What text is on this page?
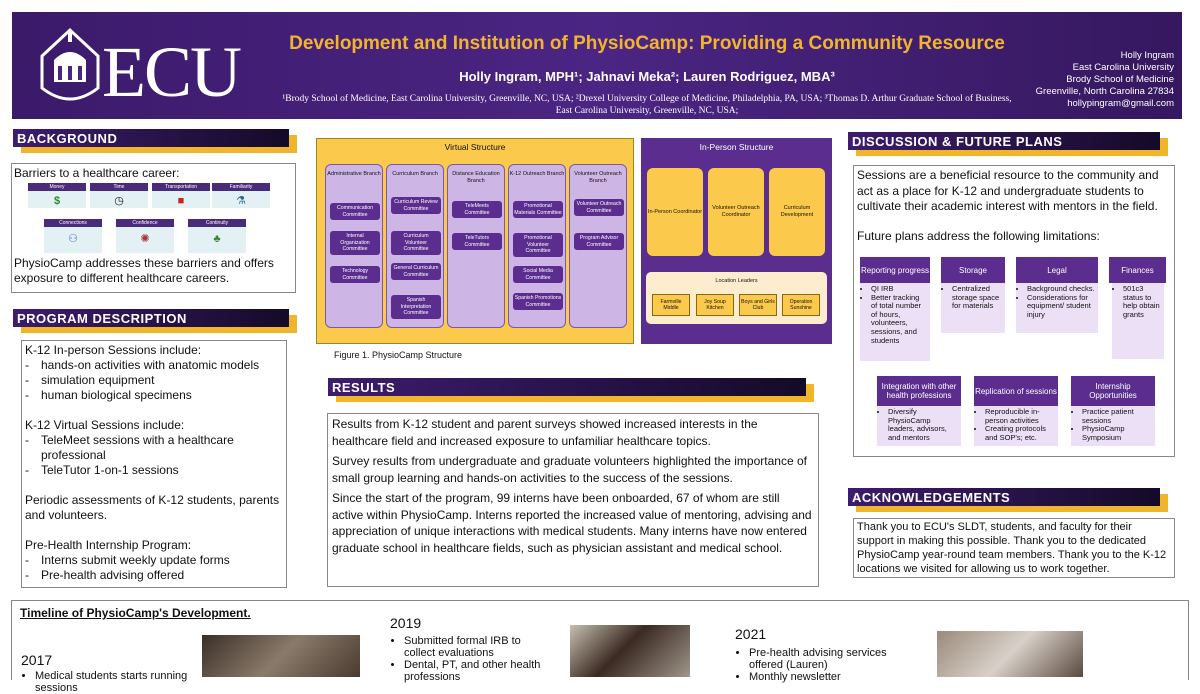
ECU	Development and Institution of PhysioCamp: Providing a Community Resource
Holly Ingram, MPH¹; Jahnavi Meka²; Lauren Rodriguez, MBA³
¹Brody School of Medicine, East Carolina University, Greenville, NC, USA; ²Drexel University College of Medicine, Philadelphia, PA, USA; ³Thomas D. Arthur Graduate School of Business, East Carolina University, Greenville, NC, USA;
Holly Ingram
East Carolina University
Brody School of Medicine
Greenville, North Carolina 27834
hollypingram@gmail.com
BACKGROUND
Barriers to a healthcare career:
Money
$
Time
◷
Transportation
■
Familiarity
⚗
Connections
⚇
Confidence
✺
Continuity
♣
PhysioCamp addresses these barriers and offers exposure to different healthcare careers.
PROGRAM DESCRIPTION
K-12 In-person Sessions include:
-	hands-on activities with anatomic models
-	simulation equipment
-	human biological specimens
K-12 Virtual Sessions include:
-	TeleMeet sessions with a healthcare professional
-	TeleTutor 1-on-1 sessions
Periodic assessments of K-12 students, parents and volunteers.
Pre-Health Internship Program:
-	Interns submit weekly update forms
-	Pre-health advising offered
Virtual Structure
Administrative Branch
Communication Committee
Internal Organization Committee
Technology Committee
Curriculum Branch
Curriculum Review Committee
Curriculum Volunteer Committee
General Curriculum Committee
Spanish Interpretation Committee
Distance Education Branch
TeleMeets Committee
TeleTutors Committee
K-12 Outreach Branch
Promotional Materials Committee
Promotional Volunteer Committee
Social Media Committee
Spanish Promotions Committee
Volunteer Outreach Branch
Volunteer Outreach Committee
Program Advisor Committee
In-Person Structure
In-Person Coordinator
Volunteer Outreach Coordinator
Curriculum Development
Location Leaders
Farmville Middle
Joy Soup Kitchen
Boys and Girls Club
Operation Sunshine
Figure 1. PhysioCamp Structure
RESULTS

Results from K-12 student and parent surveys showed increased interests in the healthcare field and increased exposure to unfamiliar healthcare topics.

Survey results from undergraduate and graduate volunteers highlighted the importance of small group learning and hands-on activities to the success of the sessions.

Since the start of the program, 99 interns have been onboarded, 67 of whom are still active within PhysioCamp. Interns reported the increased value of mentoring, advising and appreciation of unique interactions with medical students. Many interns have now entered graduate school in healthcare fields, such as physician assistant and medical school.

DISCUSSION & FUTURE PLANS
Sessions are a beneficial resource to the community and act as a place for K-12 and undergraduate students to cultivate their academic interest with mentors in the field.
Future plans address the following limitations:
Reporting progress
• QI IRB
• Better tracking of total number of hours, volunteers, sessions, and students
Storage
• Centralized storage space for materials
Legal
• Background checks.
• Considerations for equipment/ student injury
Finances
• 501c3 status to help obtain grants
Integration with other health professions
• Diversify PhysioCamp leaders, advisors, and mentors
Replication of sessions
• Reproducible in-person activities
• Creating protocols and SOP's; etc.
Internship Opportunities
• Practice patient sessions
• PhysioCamp Symposium
ACKNOWLEDGEMENTS
Thank you to ECU's SLDT, students, and faculty for their support in making this possible. Thank you to the dedicated PhysioCamp year-round team members. Thank you to the K-12 locations we visited for allowing us to work together.
Timeline of PhysioCamp's Development.
2017
• Medical students starts running sessions
2019
• Submitted formal IRB to collect evaluations
• Dental, PT, and other health professions
2021
• Pre-health advising services offered (Lauren)
• Monthly newsletter
